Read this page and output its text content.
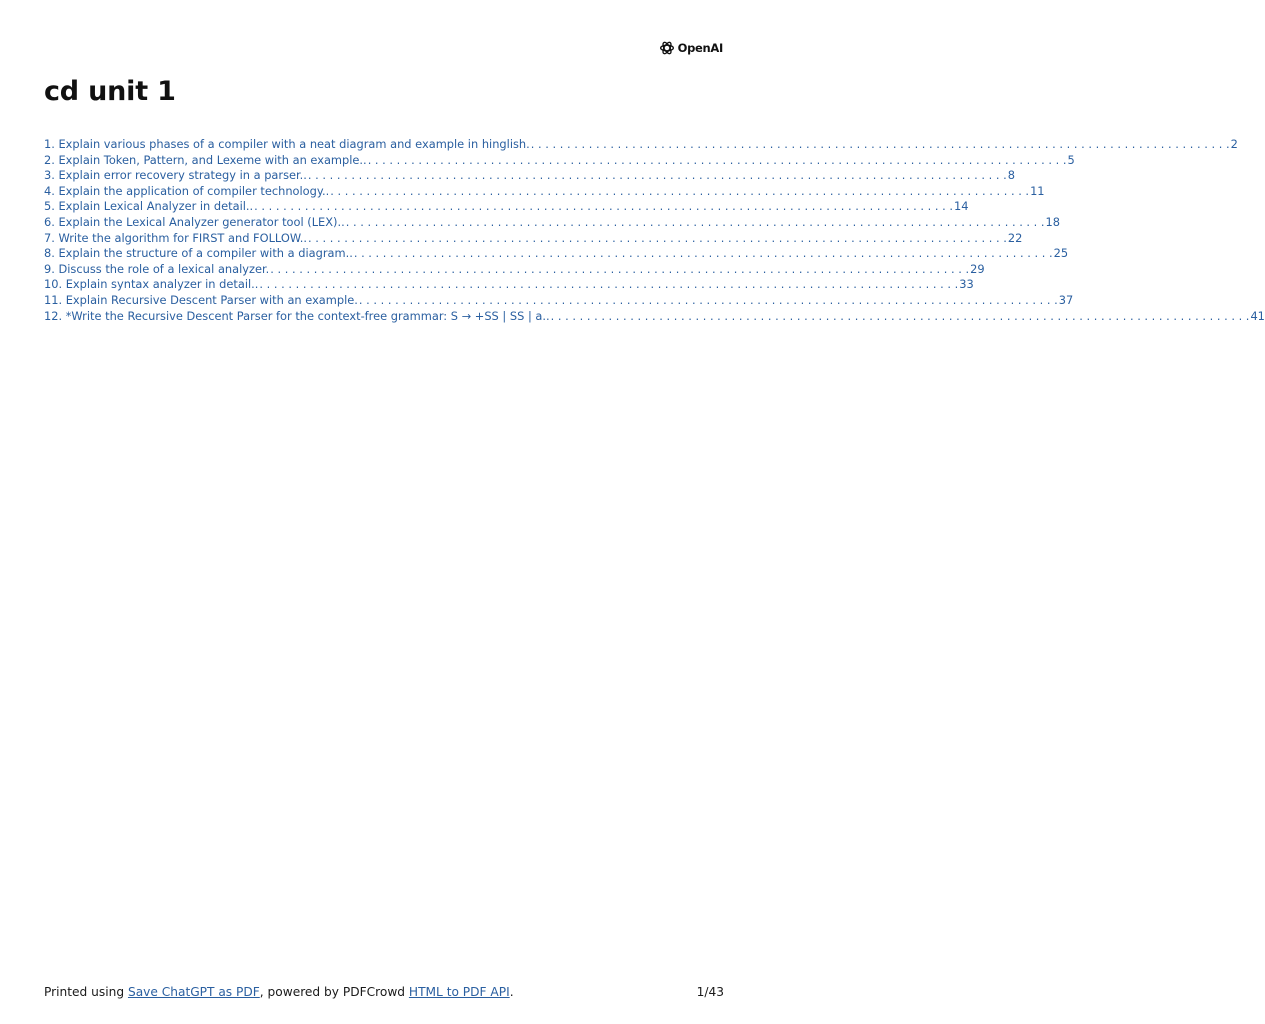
OpenAI
cd unit 1
1. Explain various phases of a compiler with a neat diagram and example in hinglish. . . .	2
2. Explain Token, Pattern, and Lexeme with an example.. . . .	5
3. Explain error recovery strategy in a parser.. . . .	8
4. Explain the application of compiler technology.. . . .	11
5. Explain Lexical Analyzer in detail.. . . .	14
6. Explain the Lexical Analyzer generator tool (LEX).. . . .	18
7. Write the algorithm for FIRST and FOLLOW.. . . .	22
8. Explain the structure of a compiler with a diagram.. . . .	25
9. Discuss the role of a lexical analyzer. . . .	29
10. Explain syntax analyzer in detail.. . . .	33
11. Explain Recursive Descent Parser with an example. . . .	37
12. *Write the Recursive Descent Parser for the context-free grammar: S → +SS | SS | a.. . . .	41
Printed using Save ChatGPT as PDF, powered by PDFCrowd HTML to PDF API.	1/43
